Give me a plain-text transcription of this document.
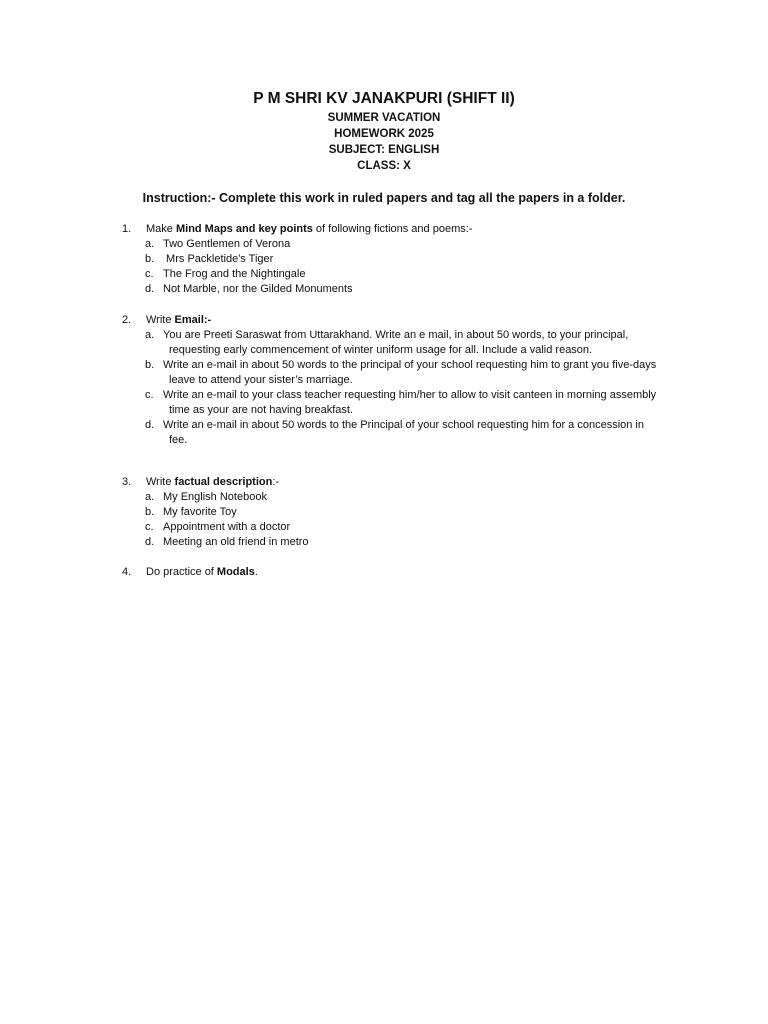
P M SHRI KV JANAKPURI (SHIFT II)

SUMMER VACATION

HOMEWORK 2025

SUBJECT: ENGLISH

CLASS: X

Instruction:- Complete this work in ruled papers and tag all the papers in a folder.

1. Make Mind Maps and key points of following fictions and poems:-
a. Two Gentlemen of Verona
b. Mrs Packletide's Tiger
c. The Frog and the Nightingale
d. Not Marble, nor the Gilded Monuments
2. Write Email:-
a. You are Preeti Saraswat from Uttarakhand. Write an e mail, in about 50 words, to your principal, requesting early commencement of winter uniform usage for all. Include a valid reason.
b. Write an e-mail in about 50 words to the principal of your school requesting him to grant you five-days leave to attend your sister’s marriage.
c. Write an e-mail to your class teacher requesting him/her to allow to visit canteen in morning assembly time as your are not having breakfast.
d. Write an e-mail in about 50 words to the Principal of your school requesting him for a concession in fee.
3. Write factual description:-
a. My English Notebook
b. My favorite Toy
c. Appointment with a doctor
d. Meeting an old friend in metro
4. Do practice of Modals.
